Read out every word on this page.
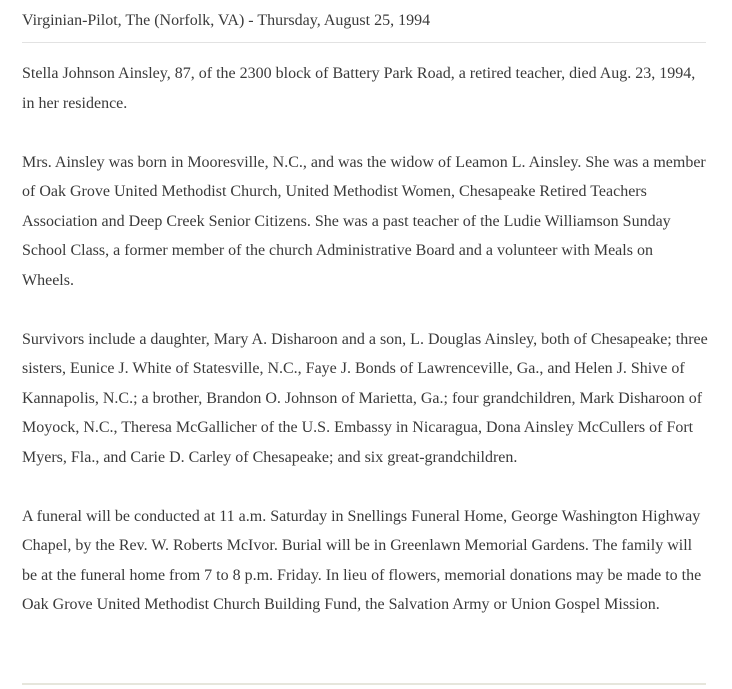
Virginian-Pilot, The (Norfolk, VA) - Thursday, August 25, 1994

Stella Johnson Ainsley, 87, of the 2300 block of Battery Park Road, a retired teacher, died Aug. 23, 1994, in her residence.

Mrs. Ainsley was born in Mooresville, N.C., and was the widow of Leamon L. Ainsley. She was a member of Oak Grove United Methodist Church, United Methodist Women, Chesapeake Retired Teachers Association and Deep Creek Senior Citizens. She was a past teacher of the Ludie Williamson Sunday School Class, a former member of the church Administrative Board and a volunteer with Meals on Wheels.

Survivors include a daughter, Mary A. Disharoon and a son, L. Douglas Ainsley, both of Chesapeake; three sisters, Eunice J. White of Statesville, N.C., Faye J. Bonds of Lawrenceville, Ga., and Helen J. Shive of Kannapolis, N.C.; a brother, Brandon O. Johnson of Marietta, Ga.; four grandchildren, Mark Disharoon of Moyock, N.C., Theresa McGallicher of the U.S. Embassy in Nicaragua, Dona Ainsley McCullers of Fort Myers, Fla., and Carie D. Carley of Chesapeake; and six great-grandchildren.

A funeral will be conducted at 11 a.m. Saturday in Snellings Funeral Home, George Washington Highway Chapel, by the Rev. W. Roberts McIvor. Burial will be in Greenlawn Memorial Gardens. The family will be at the funeral home from 7 to 8 p.m. Friday. In lieu of flowers, memorial donations may be made to the Oak Grove United Methodist Church Building Fund, the Salvation Army or Union Gospel Mission.
